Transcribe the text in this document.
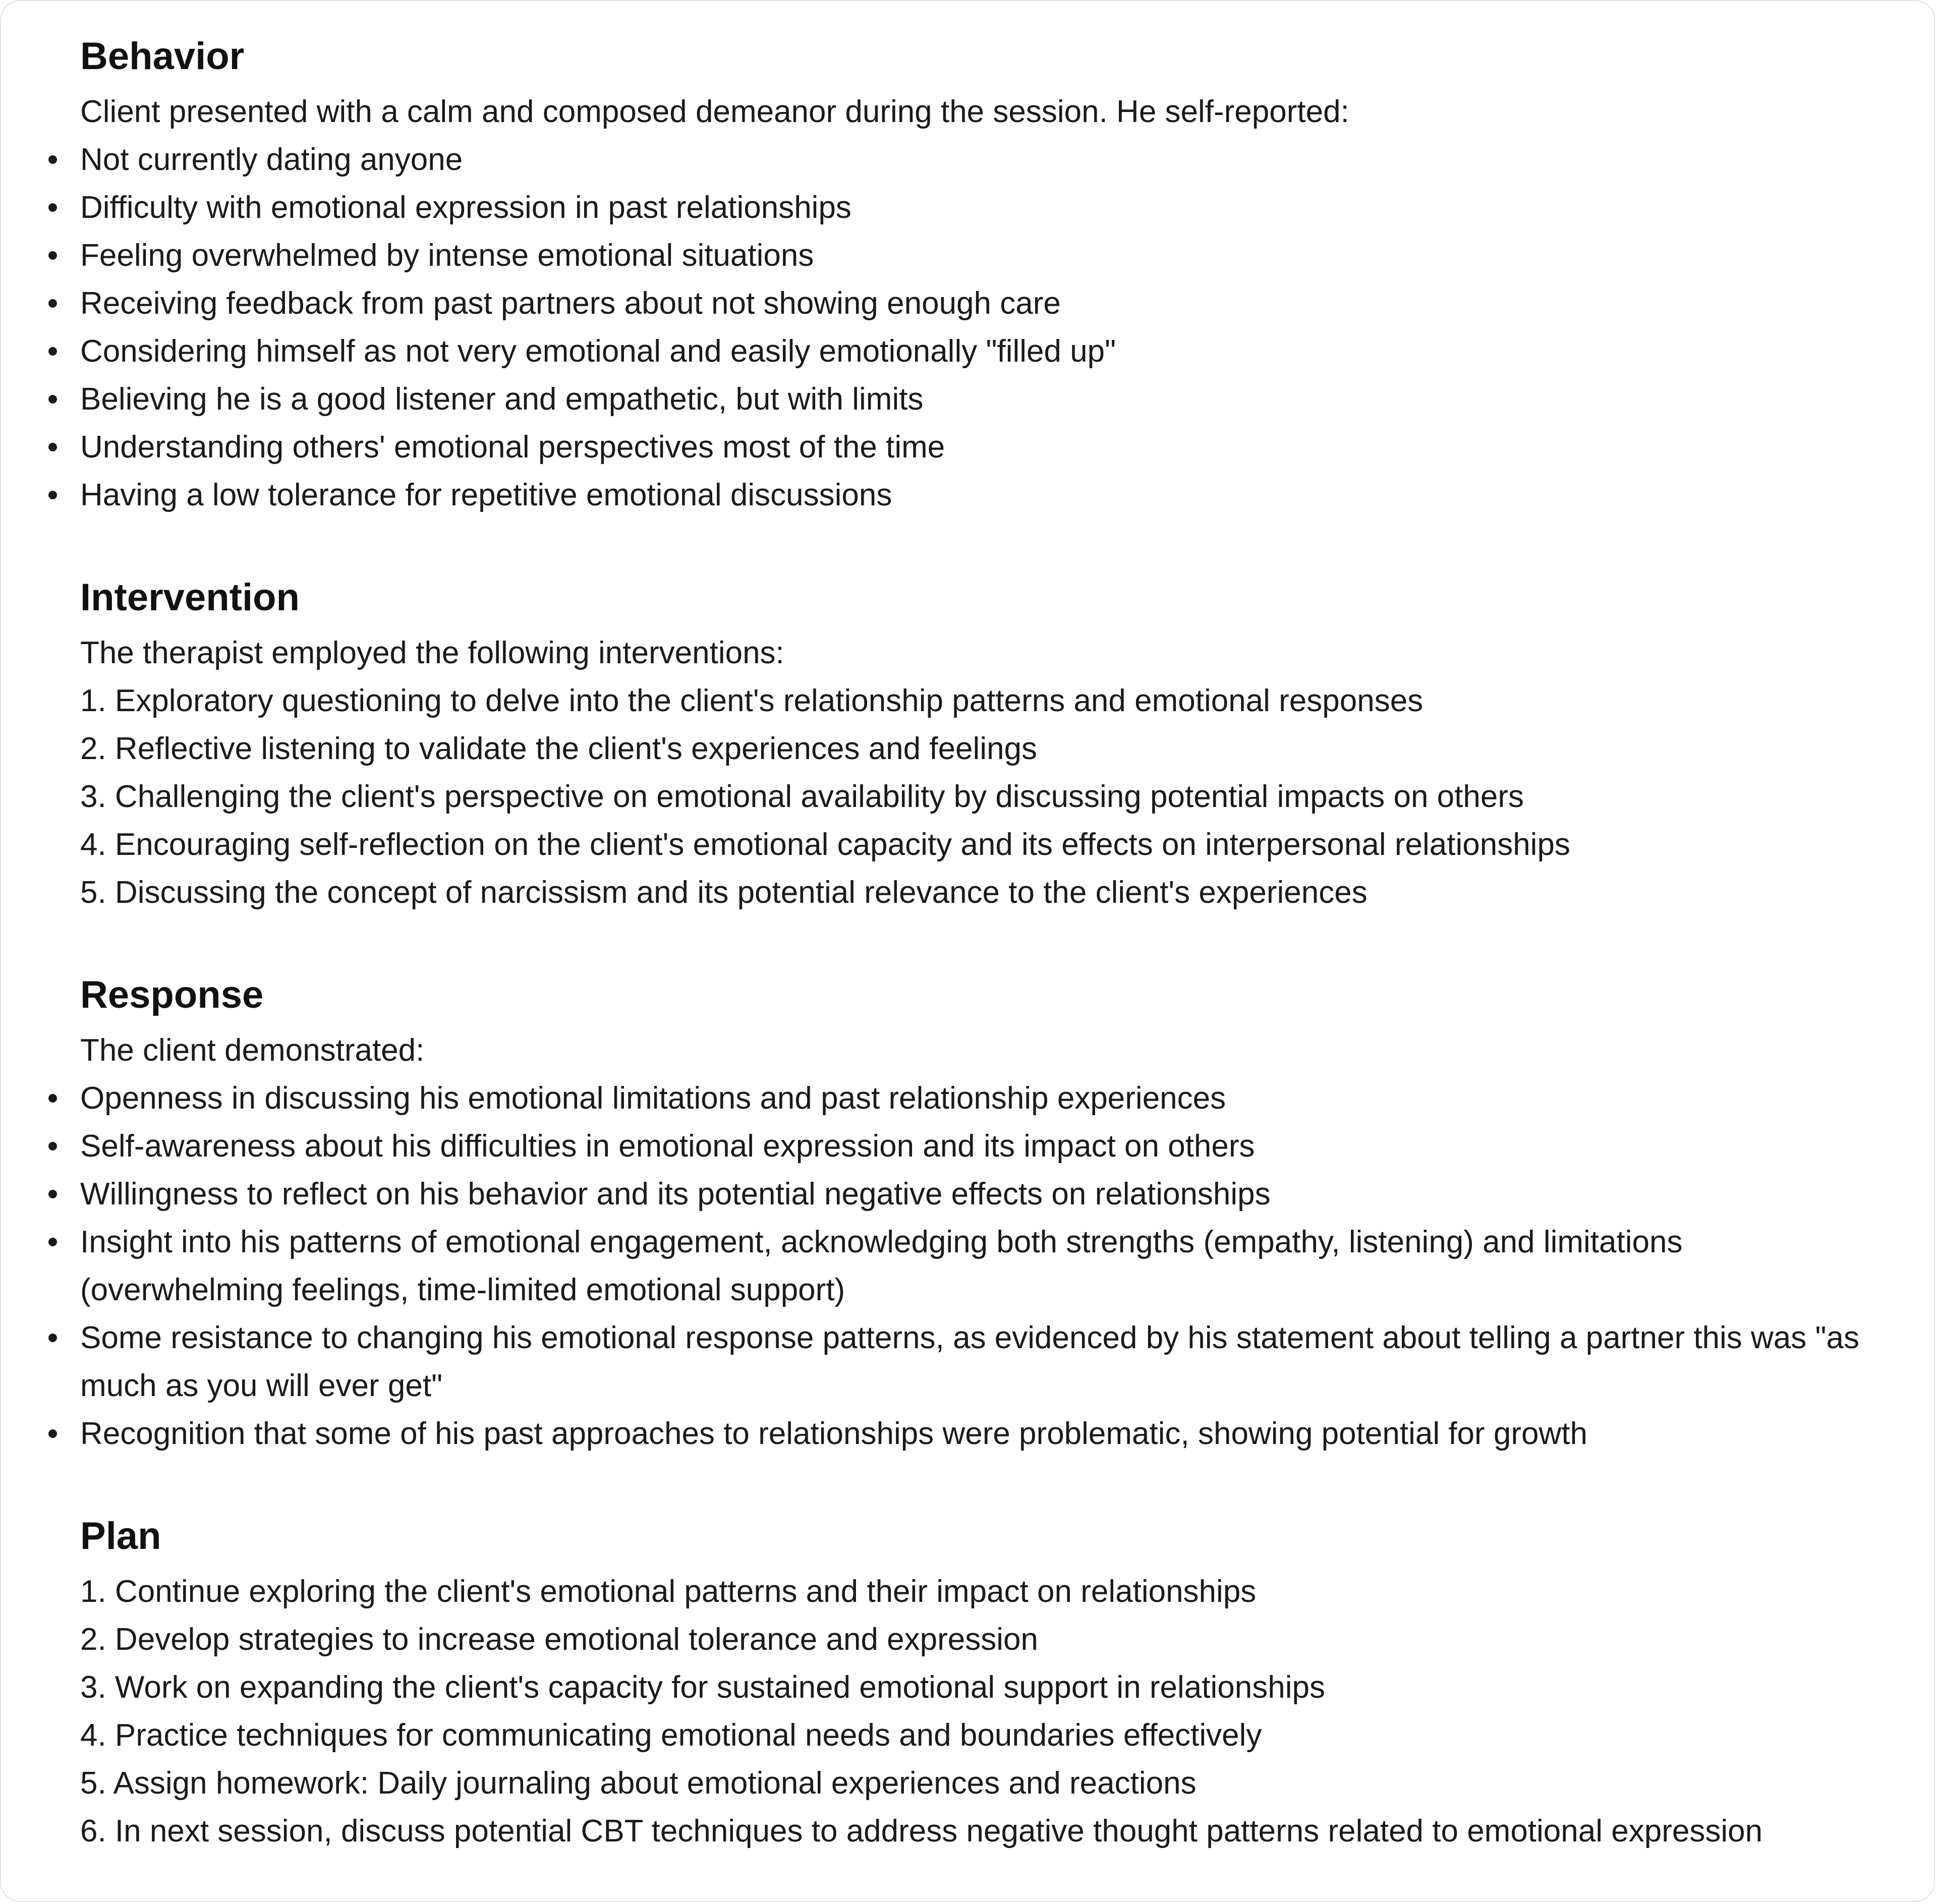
Behavior

Client presented with a calm and composed demeanor during the session. He self-reported:

Not currently dating anyone
Difficulty with emotional expression in past relationships
Feeling overwhelmed by intense emotional situations
Receiving feedback from past partners about not showing enough care
Considering himself as not very emotional and easily emotionally "filled up"
Believing he is a good listener and empathetic, but with limits
Understanding others' emotional perspectives most of the time
Having a low tolerance for repetitive emotional discussions
Intervention

The therapist employed the following interventions:

1. Exploratory questioning to delve into the client's relationship patterns and emotional responses
2. Reflective listening to validate the client's experiences and feelings
3. Challenging the client's perspective on emotional availability by discussing potential impacts on others
4. Encouraging self-reflection on the client's emotional capacity and its effects on interpersonal relationships
5. Discussing the concept of narcissism and its potential relevance to the client's experiences
Response

The client demonstrated:

Openness in discussing his emotional limitations and past relationship experiences
Self-awareness about his difficulties in emotional expression and its impact on others
Willingness to reflect on his behavior and its potential negative effects on relationships
Insight into his patterns of emotional engagement, acknowledging both strengths (empathy, listening) and limitations (overwhelming feelings, time-limited emotional support)
Some resistance to changing his emotional response patterns, as evidenced by his statement about telling a partner this was "as much as you will ever get"
Recognition that some of his past approaches to relationships were problematic, showing potential for growth
Plan
1. Continue exploring the client's emotional patterns and their impact on relationships
2. Develop strategies to increase emotional tolerance and expression
3. Work on expanding the client's capacity for sustained emotional support in relationships
4. Practice techniques for communicating emotional needs and boundaries effectively
5. Assign homework: Daily journaling about emotional experiences and reactions
6. In next session, discuss potential CBT techniques to address negative thought patterns related to emotional expression
